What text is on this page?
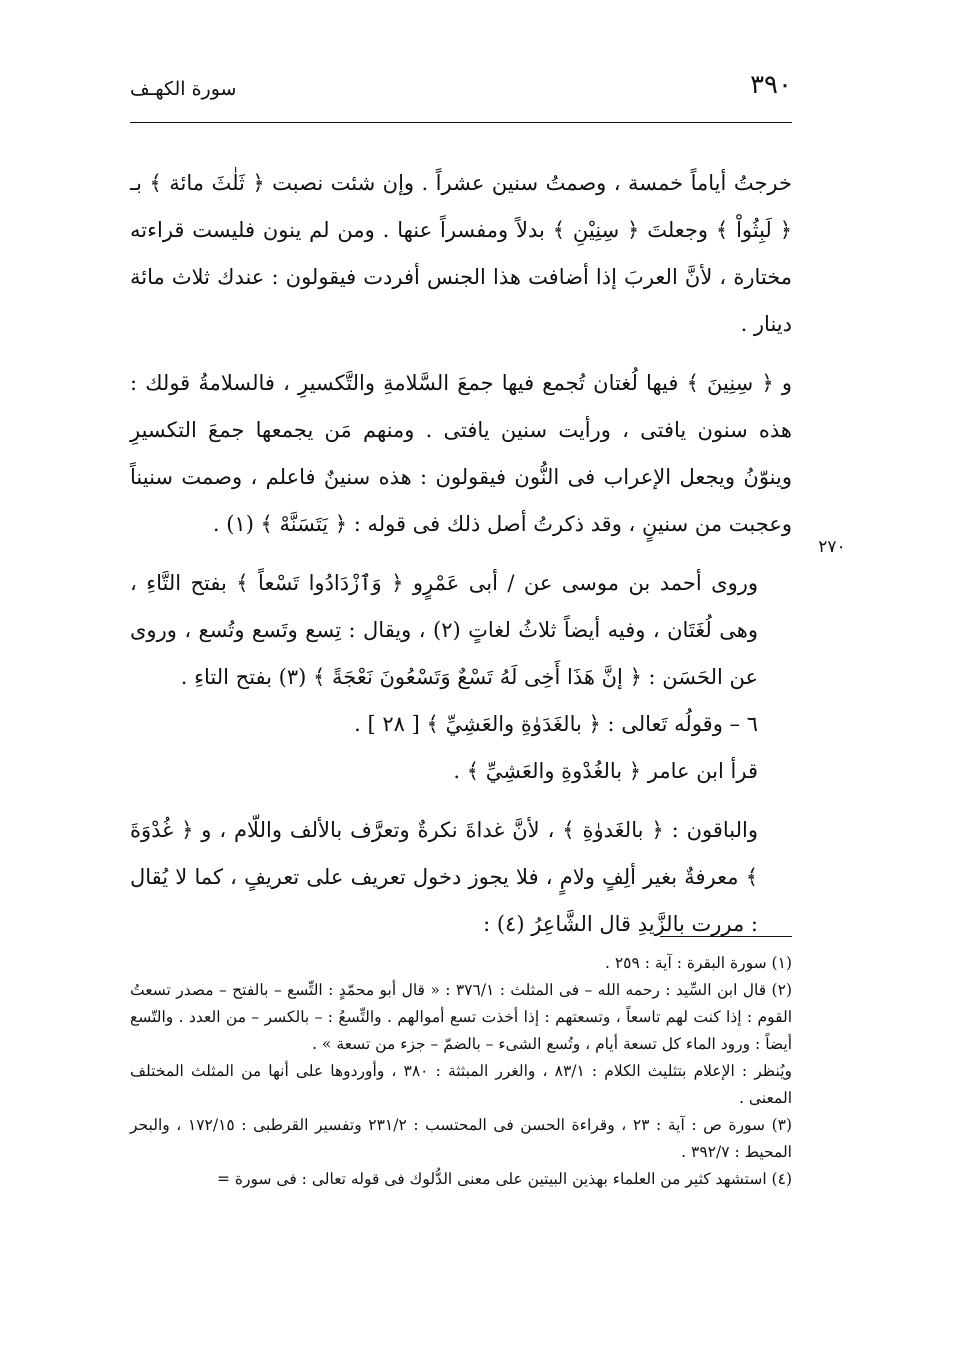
٣٩٠
سورة الكهـف

خرجتُ أياماً خمسة ، وصمتُ سنين عشراً . وإن شئت نصبت ﴿ ثَلٰثَ مائة ﴾ بـ ﴿ لَبِثُواْ ﴾ وجعلتَ ﴿ سِنِيْنِ ﴾ بدلاً ومفسراً عنها . ومن لم ينون فليست قراءته مختارة ، لأنَّ العربَ إذا أضافت هذا الجنس أفردت فيقولون : عندك ثلاث مائة دينار .

و ﴿ سِنِينَ ﴾ فيها لُغتان تُجمع فيها جمعَ السَّلامةِ والتَّكسيرِ ، فالسلامةُ قولك : هذه سنون يافتى ، ورأيت سنين يافتى . ومنهم مَن يجمعها جمعَ التكسيرِ وينوّنُ ويجعل الإعراب فى النُّون فيقولون : هذه سنينٌ فاعلم ، وصمت سنيناً وعجبت من سنينٍ ، وقد ذكرتُ أصل ذلك فى قوله : ﴿ يَتَسَنَّهْ ﴾ (١) .

وروى أحمد بن موسى عن / أبى عَمْرٍو ﴿ وَٱزْدَادُوا تَسْعاً ﴾ بفتح التَّاءِ ، وهى لُغَتَان ، وفيه أيضاً ثلاثُ لغاتٍ (٢) ، ويقال : تِسع وتَسع وتُسع ، وروى عن الحَسَن : ﴿ إنَّ هَذَا أَخِى لَهُ تَسْعٌ وَتَسْعُونَ نَعْجَةً ﴾ (٣) بفتح التاءِ .

٦ – وقولُه تَعالى : ﴿ بالغَدَوٰةِ والعَشِيِّ ﴾ [ ٢٨ ] .

قرأ ابن عامر ﴿ بالغُدْوةِ والعَشِيِّ ﴾ .

والباقون : ﴿ بالغَدوٰةِ ﴾ ، لأنَّ غداةَ نكرةٌ وتعرَّف بالألف واللّام ، و ﴿ غُدْوَةَ ﴾ معرفةٌ بغير ألِفٍ ولامٍ ، فلا يجوز دخول تعريف على تعريفٍ ، كما لا يُقال : مررت بالزَّيدِ قال الشَّاعِرُ (٤) :

٢٧٠

(١) سورة البقرة : آية : ٢٥٩ .

(٢) قال ابن السِّيد : رحمه الله – فى المثلث : ٣٧٦/١ : « قال أبو محمّدٍ : التِّسع – بالفتح – مصدر تسعتُ القوم : إذا كنت لهم تاسعاً ، وتسعتهم : إذا أخذت تسع أموالهم . والتِّسعُ : – بالكسر – من العدد . والتّسع أيضاً : ورود الماء كل تسعة أيام ، وتُسع الشىء – بالضمّ – جزء من تسعة » .

ويُنظر : الإعلام بتثليث الكلام : ٨٣/١ ، والغرر المبثثة : ٣٨٠ ، وأوردوها على أنها من المثلث المختلف المعنى .

(٣) سورة ص : آية : ٢٣ ، وقراءة الحسن فى المحتسب : ٢٣١/٢ وتفسير القرطبى : ١٧٢/١٥ ، والبحر المحيط : ٣٩٢/٧ .

(٤) استشهد كثير من العلماء بهذين البيتين على معنى الدُّلوك فى قوله تعالى : فى سورة =
